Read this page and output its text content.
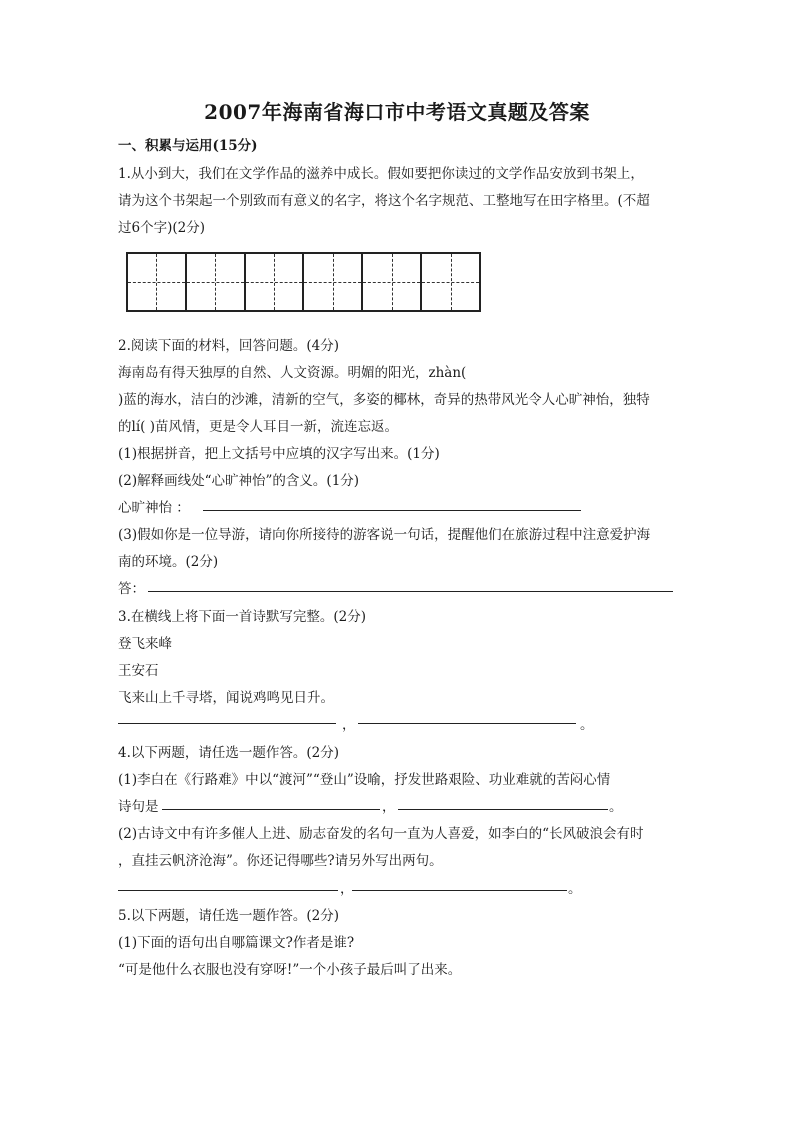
2007年海南省海口市中考语文真题及答案
一、积累与运用(15分)
1.从小到大，我们在文学作品的滋养中成长。假如要把你读过的文学作品安放到书架上，
请为这个书架起一个别致而有意义的名字，将这个名字规范、工整地写在田字格里。(不超
过6个字)(2分)
2.阅读下面的材料，回答问题。(4分)
海南岛有得天独厚的自然、人文资源。明媚的阳光，zhàn(
)蓝的海水，洁白的沙滩，清新的空气，多姿的椰林，奇异的热带风光令人心旷神怡，独特
的lí( )苗风情，更是令人耳目一新，流连忘返。
(1)根据拼音，把上文括号中应填的汉字写出来。(1分)
(2)解释画线处“心旷神怡”的含义。(1分)
心旷神怡 ：
(3)假如你是一位导游，请向你所接待的游客说一句话，提醒他们在旅游过程中注意爱护海
南的环境。(2分)
答：
3.在横线上将下面一首诗默写完整。(2分)
登飞来峰
王安石
飞来山上千寻塔，闻说鸡鸣见日升。
，	。
4.以下两题，请任选一题作答。(2分)
(1)李白在《行路难》中以“渡河”“登山”设喻，抒发世路艰险、功业难就的苦闷心情
诗句是	，	。
(2)古诗文中有许多催人上进、励志奋发的名句一直为人喜爱，如李白的“长风破浪会有时
，直挂云帆济沧海”。你还记得哪些?请另外写出两句。
，	。
5.以下两题，请任选一题作答。(2分)
(1)下面的语句出自哪篇课文?作者是谁?
“可是他什么衣服也没有穿呀!”一个小孩子最后叫了出来。
